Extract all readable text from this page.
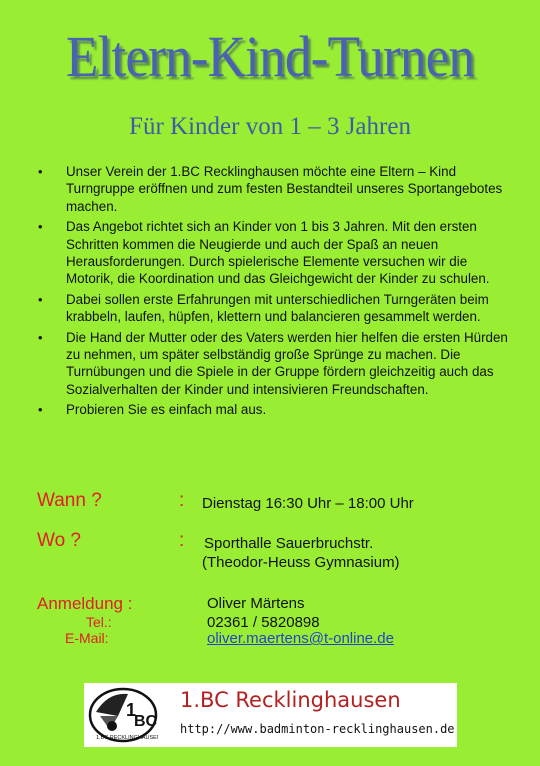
Eltern-Kind-Turnen
Für Kinder von 1 – 3 Jahren
• Unser Verein der 1.BC Recklinghausen möchte eine Eltern – Kind Turngruppe eröffnen und zum festen Bestandteil unseres Sportangebotes machen.
• Das Angebot richtet sich an Kinder von 1 bis 3 Jahren. Mit den ersten Schritten kommen die Neugierde und auch der Spaß an neuen Herausforderungen. Durch spielerische Elemente versuchen wir die Motorik, die Koordination und das Gleichgewicht der Kinder zu schulen.
• Dabei sollen erste Erfahrungen mit unterschiedlichen Turngeräten beim krabbeln, laufen, hüpfen, klettern und balancieren gesammelt werden.
• Die Hand der Mutter oder des Vaters werden hier helfen die ersten Hürden zu nehmen, um später selbständig große Sprünge zu machen. Die Turnübungen und die Spiele in der Gruppe fördern gleichzeitig auch das Sozialverhalten der Kinder und intensivieren Freundschaften.
• Probieren Sie es einfach mal aus.
Wann ?	: Dienstag 16:30 Uhr – 18:00 Uhr
Wo ?	: Sporthalle Sauerbruchstr.
(Theodor-Heuss Gymnasium)
Anmeldung :	Oliver Märtens
Tel.:	02361 / 5820898
E-Mail:	oliver.maertens@t-online.de
1
BC
1.BC RECKLINGHAUSEN
1.BC Recklinghausen
http://www.badminton-recklinghausen.de
